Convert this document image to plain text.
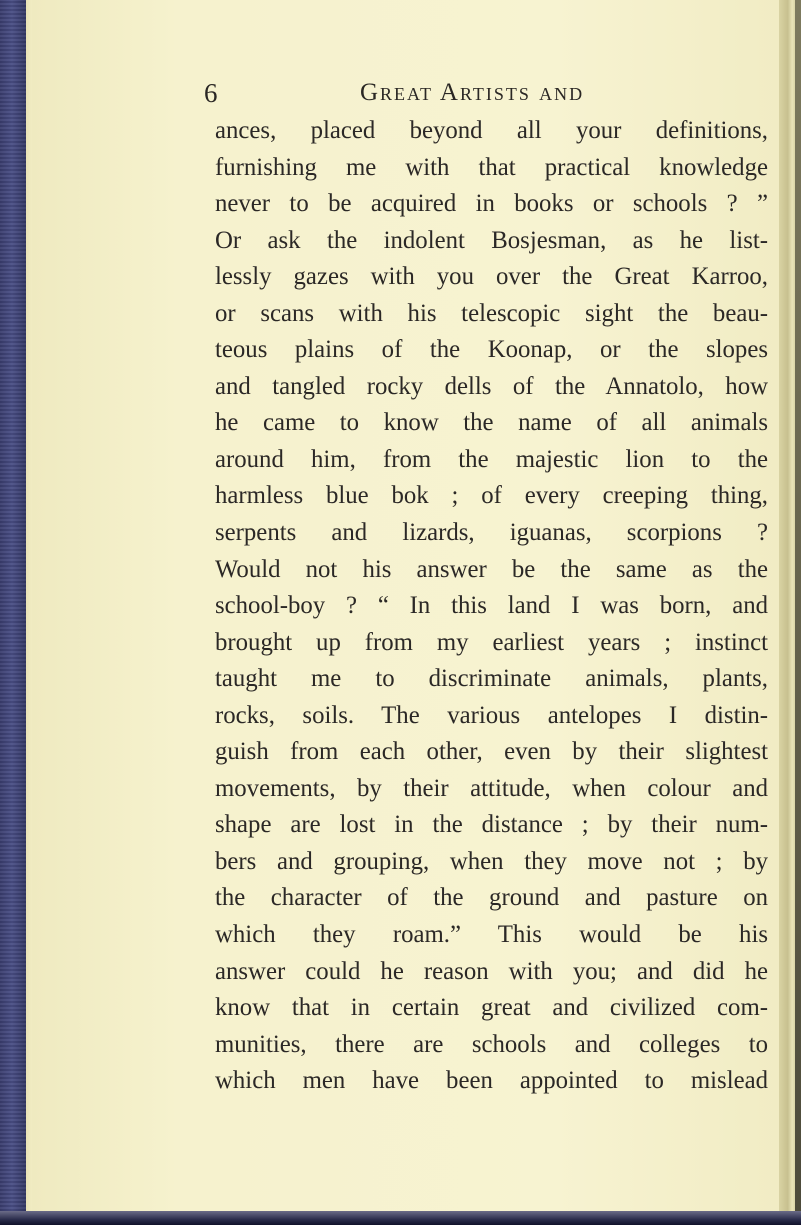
6	Great Artists and
ances, placed beyond all your definitions,
furnishing me with that practical knowledge
never to be acquired in books or schools ? ”
Or ask the indolent Bosjesman, as he list-
lessly gazes with you over the Great Karroo,
or scans with his telescopic sight the beau-
teous plains of the Koonap, or the slopes
and tangled rocky dells of the Annatolo, how
he came to know the name of all animals
around him, from the majestic lion to the
harmless blue bok ; of every creeping thing,
serpents and lizards, iguanas, scorpions ?
Would not his answer be the same as the
school-boy ? “ In this land I was born, and
brought up from my earliest years ; instinct
taught me to discriminate animals, plants,
rocks, soils. The various antelopes I distin-
guish from each other, even by their slightest
movements, by their attitude, when colour and
shape are lost in the distance ; by their num-
bers and grouping, when they move not ; by
the character of the ground and pasture on
which they roam.” This would be his
answer could he reason with you; and did he
know that in certain great and civilized com-
munities, there are schools and colleges to
which men have been appointed to mislead
